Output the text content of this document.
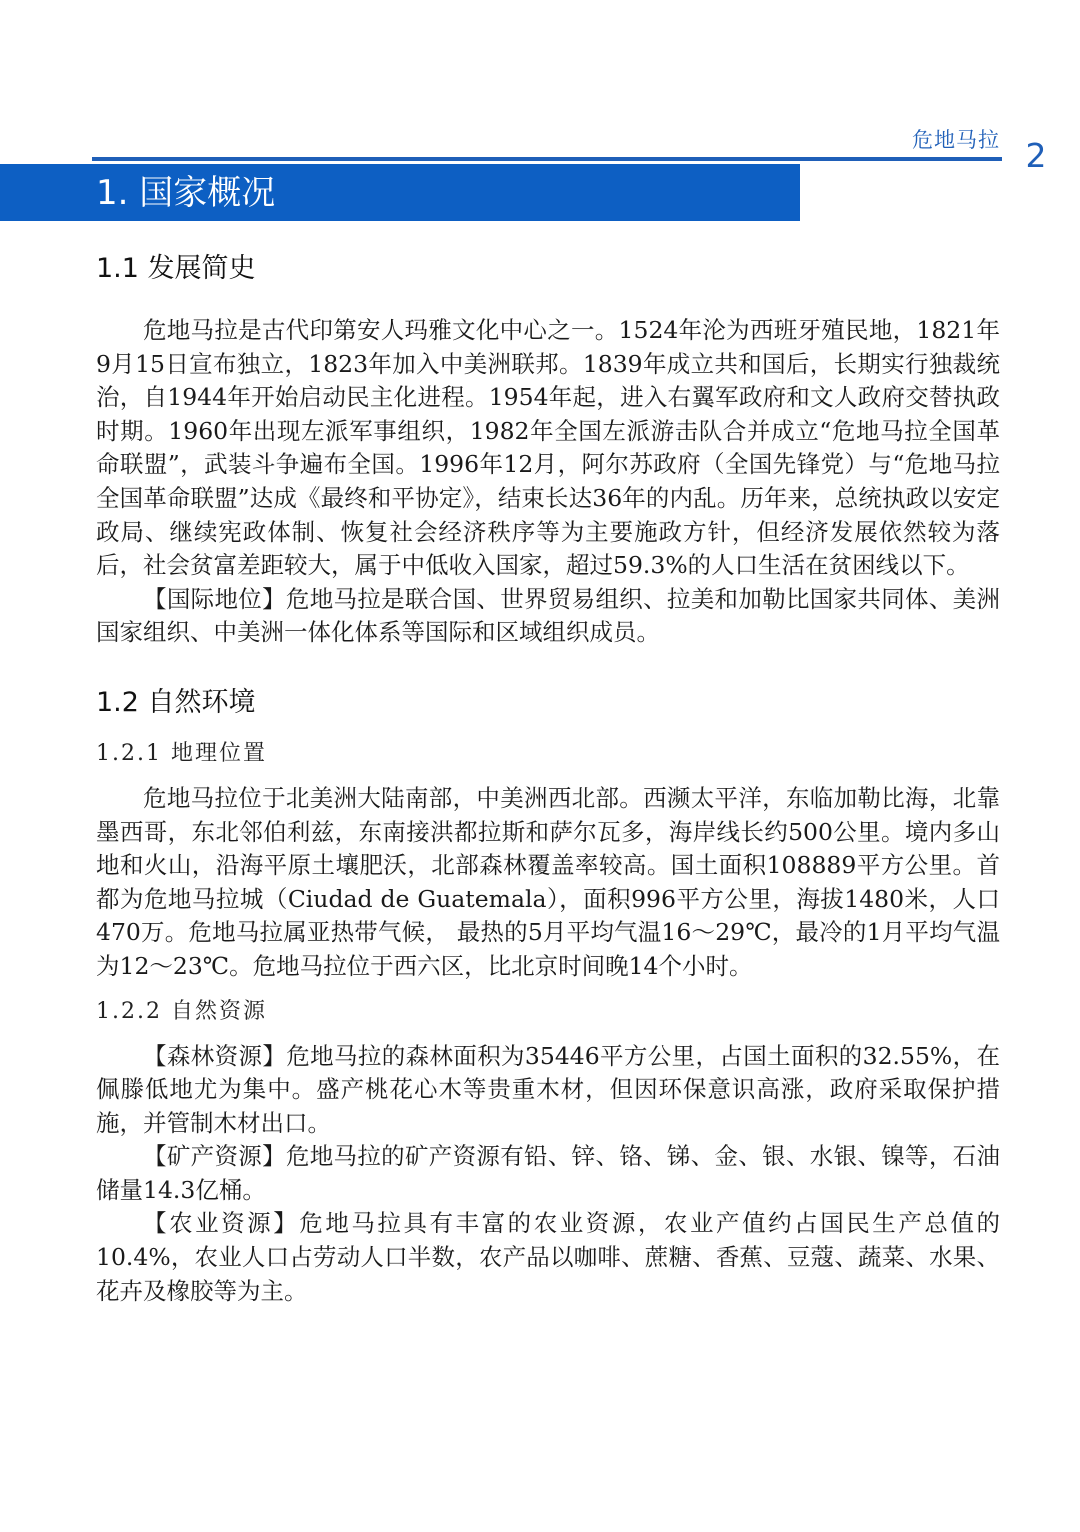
危地马拉 2
1. 国家概况
1.1 发展简史

危地马拉是古代印第安人玛雅文化中心之一。1524年沦为西班牙殖民地，1821年9月15日宣布独立，1823年加入中美洲联邦。1839年成立共和国后，长期实行独裁统治，自1944年开始启动民主化进程。1954年起，进入右翼军政府和文人政府交替执政时期。1960年出现左派军事组织，1982年全国左派游击队合并成立“危地马拉全国革命联盟”，武装斗争遍布全国。1996年12月，阿尔苏政府（全国先锋党）与“危地马拉全国革命联盟”达成《最终和平协定》，结束长达36年的内乱。历年来，总统执政以安定政局、继续宪政体制、恢复社会经济秩序等为主要施政方针，但经济发展依然较为落后，社会贫富差距较大，属于中低收入国家，超过59.3%的人口生活在贫困线以下。

【国际地位】危地马拉是联合国、世界贸易组织、拉美和加勒比国家共同体、美洲国家组织、中美洲一体化体系等国际和区域组织成员。

1.2 自然环境
1.2.1 地理位置

危地马拉位于北美洲大陆南部，中美洲西北部。西濒太平洋，东临加勒比海，北靠墨西哥，东北邻伯利兹，东南接洪都拉斯和萨尔瓦多，海岸线长约500公里。境内多山地和火山，沿海平原土壤肥沃，北部森林覆盖率较高。国土面积108889平方公里。首都为危地马拉城（Ciudad de Guatemala），面积996平方公里，海拔1480米，人口470万。危地马拉属亚热带气候， 最热的5月平均气温16～29℃，最冷的1月平均气温为12～23℃。危地马拉位于西六区，比北京时间晚14个小时。

1.2.2 自然资源

【森林资源】危地马拉的森林面积为35446平方公里，占国土面积的32.55%，在佩滕低地尤为集中。盛产桃花心木等贵重木材，但因环保意识高涨，政府采取保护措施，并管制木材出口。

【矿产资源】危地马拉的矿产资源有铅、锌、铬、锑、金、银、水银、镍等，石油储量14.3亿桶。

【农业资源】危地马拉具有丰富的农业资源，农业产值约占国民生产总值的10.4%，农业人口占劳动人口半数，农产品以咖啡、蔗糖、香蕉、豆蔻、蔬菜、水果、花卉及橡胶等为主。
